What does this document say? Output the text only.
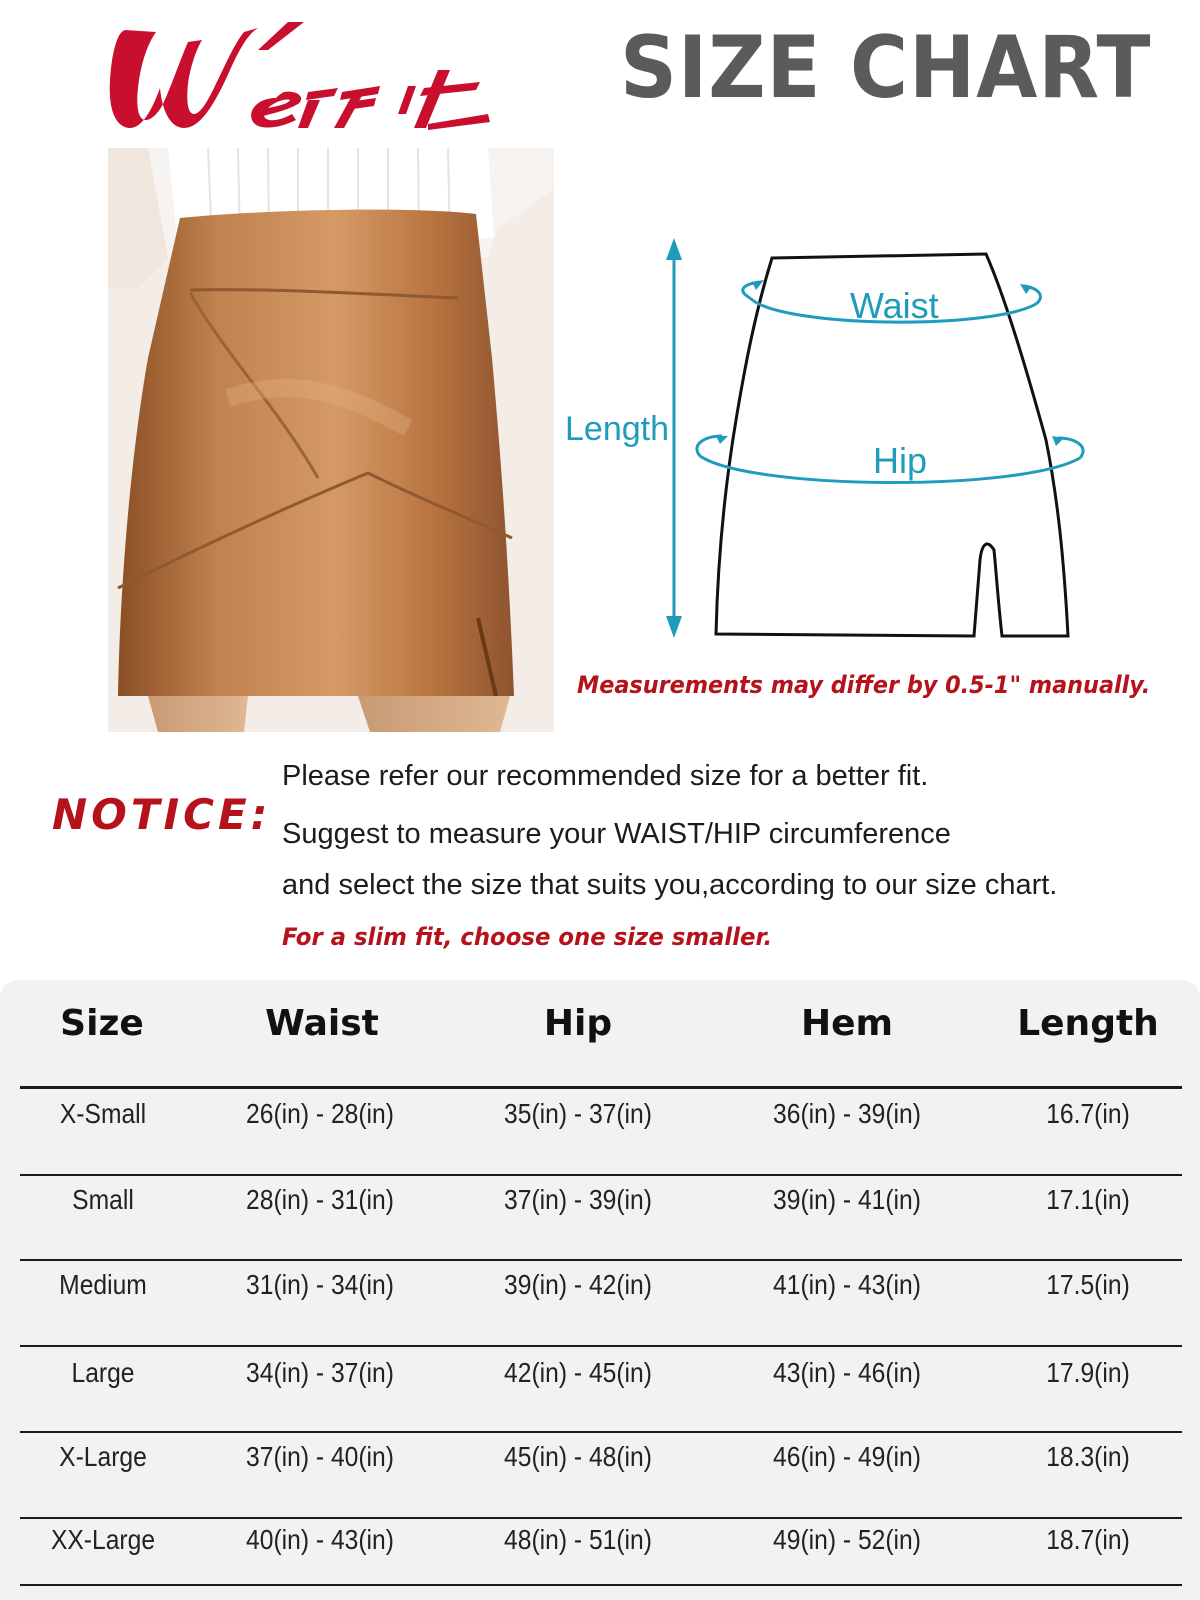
SIZE CHART
Waist
Hip
Length
Measurements may differ by 0.5-1" manually.
NOTICE:
Please refer our recommended size for a better fit.
Suggest to measure your WAIST/HIP circumference
and select the size that suits you,according to our size chart.
For a slim fit, choose one size smaller.
Size	Waist	Hip	Hem	Length
X-Small	26(in) - 28(in)	35(in) - 37(in)	36(in) - 39(in)	16.7(in)
Small	28(in) - 31(in)	37(in) - 39(in)	39(in) - 41(in)	17.1(in)
Medium	31(in) - 34(in)	39(in) - 42(in)	41(in) - 43(in)	17.5(in)
Large	34(in) - 37(in)	42(in) - 45(in)	43(in) - 46(in)	17.9(in)
X-Large	37(in) - 40(in)	45(in) - 48(in)	46(in) - 49(in)	18.3(in)
XX-Large	40(in) - 43(in)	48(in) - 51(in)	49(in) - 52(in)	18.7(in)
